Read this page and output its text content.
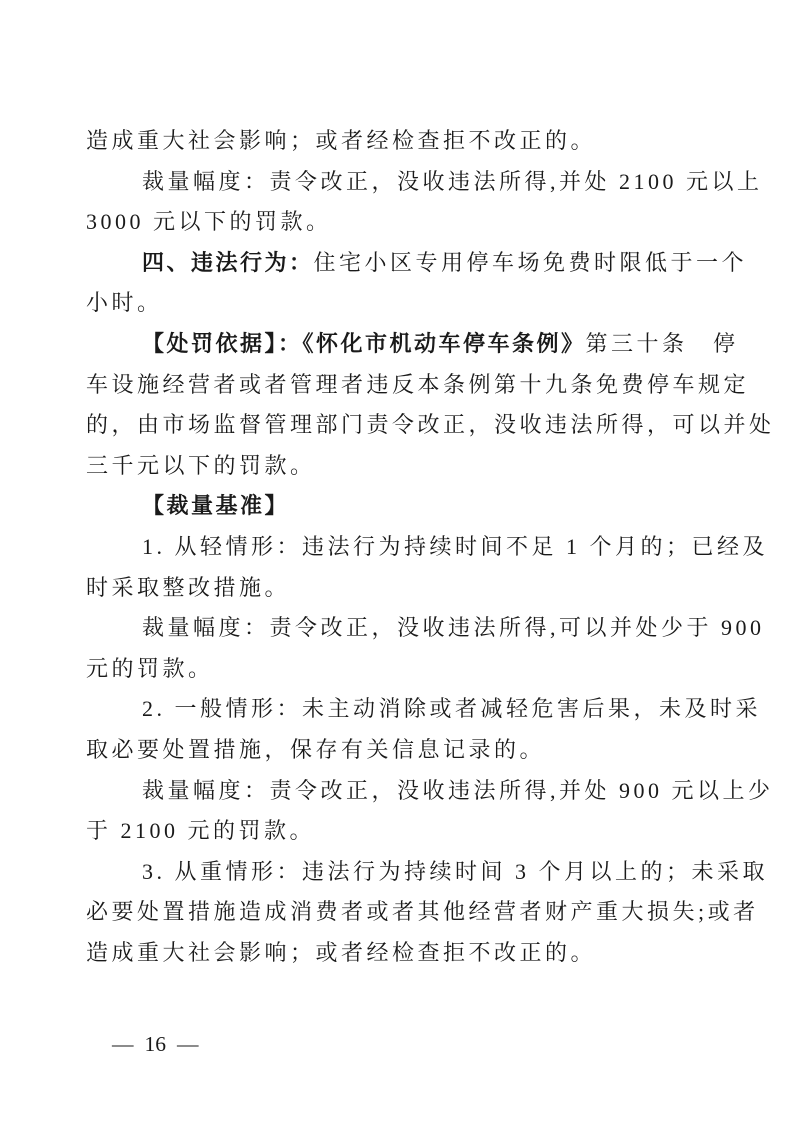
造成重大社会影响；或者经检查拒不改正的。
裁量幅度：责令改正，没收违法所得,并处 2100 元以上
3000 元以下的罚款。
四、违法行为：住宅小区专用停车场免费时限低于一个
小时。
【处罚依据】：《怀化市机动车停车条例》第三十条　停
车设施经营者或者管理者违反本条例第十九条免费停车规定
的，由市场监督管理部门责令改正，没收违法所得，可以并处
三千元以下的罚款。
【裁量基准】
1. 从轻情形：违法行为持续时间不足 1 个月的；已经及
时采取整改措施。
裁量幅度：责令改正，没收违法所得,可以并处少于 900
元的罚款。
2. 一般情形：未主动消除或者减轻危害后果，未及时采
取必要处置措施，保存有关信息记录的。
裁量幅度：责令改正，没收违法所得,并处 900 元以上少
于 2100 元的罚款。
3. 从重情形：违法行为持续时间 3 个月以上的；未采取
必要处置措施造成消费者或者其他经营者财产重大损失;或者
造成重大社会影响；或者经检查拒不改正的。
— 16 —
